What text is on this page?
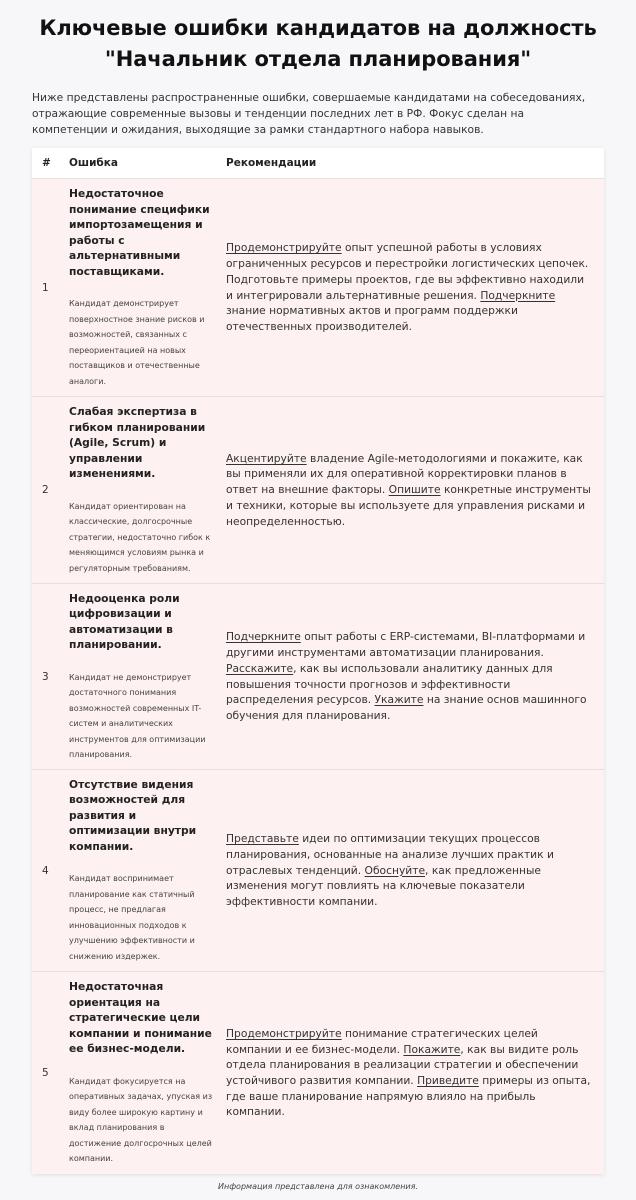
Ключевые ошибки кандидатов на должность
"Начальник отдела планирования"

Ниже представлены распространенные ошибки, совершаемые кандидатами на собеседованиях, отражающие современные вызовы и тенденции последних лет в РФ. Фокус сделан на компетенции и ожидания, выходящие за рамки стандартного набора навыков.

#	Ошибка	Рекомендации
1
Недостаточное понимание специфики импортозамещения и работы с альтернативными поставщиками.
Кандидат демонстрирует поверхностное знание рисков и возможностей, связанных с переориентацией на новых поставщиков и отечественные аналоги.
Продемонстрируйте опыт успешной работы в условиях ограниченных ресурсов и перестройки логистических цепочек. Подготовьте примеры проектов, где вы эффективно находили и интегрировали альтернативные решения. Подчеркните знание нормативных актов и программ поддержки отечественных производителей.
2
Слабая экспертиза в гибком планировании (Agile, Scrum) и управлении изменениями.
Кандидат ориентирован на классические, долгосрочные стратегии, недостаточно гибок к меняющимся условиям рынка и регуляторным требованиям.
Акцентируйте владение Agile-методологиями и покажите, как вы применяли их для оперативной корректировки планов в ответ на внешние факторы. Опишите конкретные инструменты и техники, которые вы используете для управления рисками и неопределенностью.
3
Недооценка роли цифровизации и автоматизации в планировании.
Кандидат не демонстрирует достаточного понимания возможностей современных IT-систем и аналитических инструментов для оптимизации планирования.
Подчеркните опыт работы с ERP-системами, BI-платформами и другими инструментами автоматизации планирования. Расскажите, как вы использовали аналитику данных для повышения точности прогнозов и эффективности распределения ресурсов. Укажите на знание основ машинного обучения для планирования.
4
Отсутствие видения возможностей для развития и оптимизации внутри компании.
Кандидат воспринимает планирование как статичный процесс, не предлагая инновационных подходов к улучшению эффективности и снижению издержек.
Представьте идеи по оптимизации текущих процессов планирования, основанные на анализе лучших практик и отраслевых тенденций. Обоснуйте, как предложенные изменения могут повлиять на ключевые показатели эффективности компании.
5
Недостаточная ориентация на стратегические цели компании и понимание ее бизнес-модели.
Кандидат фокусируется на оперативных задачах, упуская из виду более широкую картину и вклад планирования в достижение долгосрочных целей компании.
Продемонстрируйте понимание стратегических целей компании и ее бизнес-модели. Покажите, как вы видите роль отдела планирования в реализации стратегии и обеспечении устойчивого развития компании. Приведите примеры из опыта, где ваше планирование напрямую влияло на прибыль компании.
Информация представлена для ознакомления.
